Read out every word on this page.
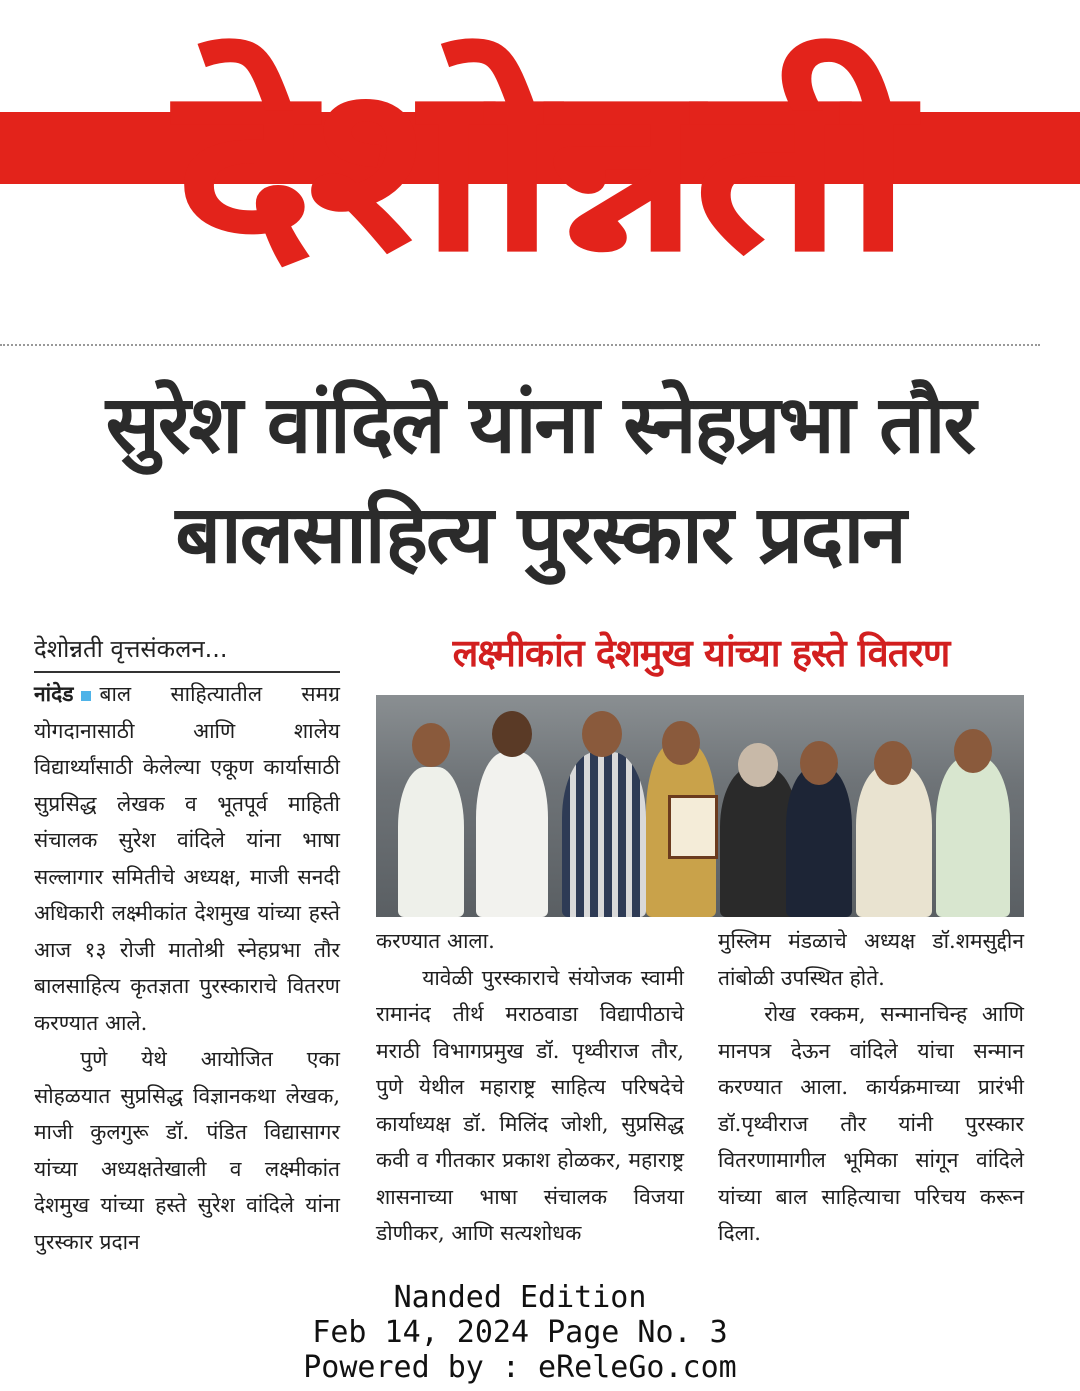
देशोन्नती
सुरेश वांदिले यांना स्नेहप्रभा तौर
बालसाहित्य पुरस्कार प्रदान
देशोन्नती वृत्तसंकलन...	लक्ष्मीकांत देशमुख यांच्या हस्ते वितरण

नांदेड बाल साहित्यातील समग्र योगदानासाठी आणि शालेय विद्यार्थ्यांसाठी केलेल्या एकूण कार्यासाठी सुप्रसिद्ध लेखक व भूतपूर्व माहिती संचालक सुरेश वांदिले यांना भाषा सल्लागार समितीचे अध्यक्ष, माजी सनदी अधिकारी लक्ष्मीकांत देशमुख यांच्या हस्ते आज १३ रोजी मातोश्री स्नेहप्रभा तौर बालसाहित्य कृतज्ञता पुरस्काराचे वितरण करण्यात आले.

पुणे येथे आयोजित एका सोहळयात सुप्रसिद्ध विज्ञानकथा लेखक, माजी कुलगुरू डॉ. पंडित विद्यासागर यांच्या अध्यक्षतेखाली व लक्ष्मीकांत देशमुख यांच्या हस्ते सुरेश वांदिले यांना पुरस्कार प्रदान

करण्यात आला.

यावेळी पुरस्काराचे संयोजक स्वामी रामानंद तीर्थ मराठवाडा विद्यापीठाचे मराठी विभागप्रमुख डॉ. पृथ्वीराज तौर, पुणे येथील महाराष्ट्र साहित्य परिषदेचे कार्याध्यक्ष डॉ. मिलिंद जोशी, सुप्रसिद्ध कवी व गीतकार प्रकाश होळकर, महाराष्ट्र शासनाच्या भाषा संचालक विजया डोणीकर, आणि सत्यशोधक

मुस्लिम मंडळाचे अध्यक्ष डॉ.शमसुद्दीन तांबोळी उपस्थित होते.

रोख रक्कम, सन्मानचिन्ह आणि मानपत्र देऊन वांदिले यांचा सन्मान करण्यात आला. कार्यक्रमाच्या प्रारंभी डॉ.पृथ्वीराज तौर यांनी पुरस्कार वितरणामागील भूमिका सांगून वांदिले यांच्या बाल साहित्याचा परिचय करून दिला.

Nanded Edition
Feb 14, 2024 Page No. 3
Powered by : eReleGo.com
